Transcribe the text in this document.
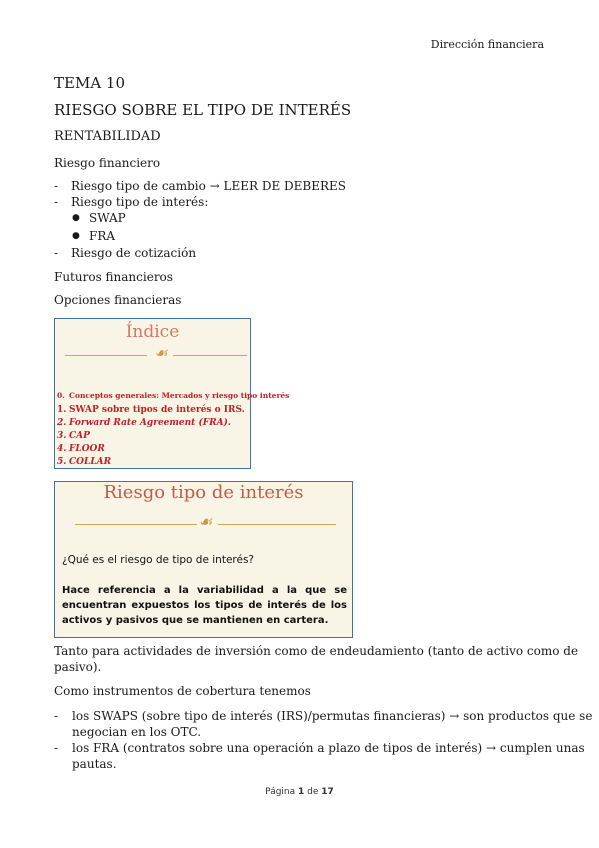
Dirección financiera
TEMA 10
RIESGO SOBRE EL TIPO DE INTERÉS
RENTABILIDAD
Riesgo financiero
- Riesgo tipo de cambio → LEER DE DEBERES
- Riesgo tipo de interés:
● SWAP
● FRA
- Riesgo de cotización
Futuros financieros
Opciones financieras
Índice
☙
0. Conceptos generales: Mercados y riesgo tipo interés
1. SWAP sobre tipos de interés o IRS.
2. Forward Rate Agreement (FRA).
3. CAP
4. FLOOR
5. COLLAR
Riesgo tipo de interés
☙
¿Qué es el riesgo de tipo de interés?
Hace referencia a la variabilidad a la que se encuentran expuestos los tipos de interés de los activos y pasivos que se mantienen en cartera.
Tanto para actividades de inversión como de endeudamiento (tanto de activo como de
pasivo).
Como instrumentos de cobertura tenemos
- los SWAPS (sobre tipo de interés (IRS)/permutas financieras) → son productos que se
negocian en los OTC.
- los FRA (contratos sobre una operación a plazo de tipos de interés) → cumplen unas
pautas.
Página 1 de 17
